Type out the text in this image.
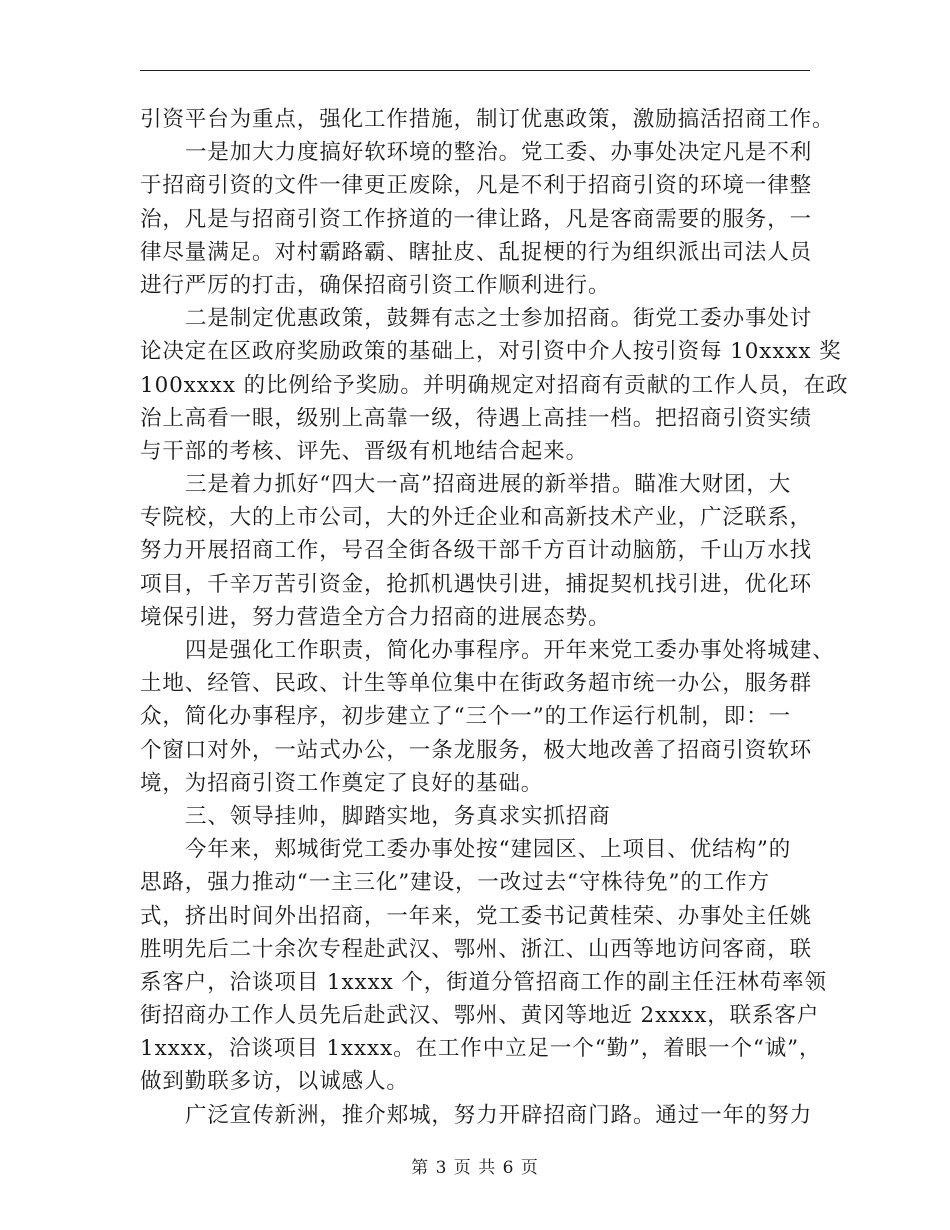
引资平台为重点，强化工作措施，制订优惠政策，激励搞活招商工作。
一是加大力度搞好软环境的整治。党工委、办事处决定凡是不利
于招商引资的文件一律更正废除，凡是不利于招商引资的环境一律整
治，凡是与招商引资工作挤道的一律让路，凡是客商需要的服务，一
律尽量满足。对村霸路霸、瞎扯皮、乱捉梗的行为组织派出司法人员
进行严厉的打击，确保招商引资工作顺利进行。
二是制定优惠政策，鼓舞有志之士参加招商。街党工委办事处讨
论决定在区政府奖励政策的基础上，对引资中介人按引资每 10xxxx 奖
100xxxx 的比例给予奖励。并明确规定对招商有贡献的工作人员，在政
治上高看一眼，级别上高靠一级，待遇上高挂一档。把招商引资实绩
与干部的考核、评先、晋级有机地结合起来。
三是着力抓好“四大一高”招商进展的新举措。瞄准大财团，大
专院校，大的上市公司，大的外迁企业和高新技术产业，广泛联系，
努力开展招商工作，号召全街各级干部千方百计动脑筋，千山万水找
项目，千辛万苦引资金，抢抓机遇快引进，捕捉契机找引进，优化环
境保引进，努力营造全方合力招商的进展态势。
四是强化工作职责，简化办事程序。开年来党工委办事处将城建、
土地、经管、民政、计生等单位集中在街政务超市统一办公，服务群
众，简化办事程序，初步建立了“三个一”的工作运行机制，即：一
个窗口对外，一站式办公，一条龙服务，极大地改善了招商引资软环
境，为招商引资工作奠定了良好的基础。
三、领导挂帅，脚踏实地，务真求实抓招商
今年来，郏城街党工委办事处按“建园区、上项目、优结构”的
思路，强力推动“一主三化”建设，一改过去“守株待免”的工作方
式，挤出时间外出招商，一年来，党工委书记黄桂荣、办事处主任姚
胜明先后二十余次专程赴武汉、鄂州、浙江、山西等地访问客商，联
系客户，洽谈项目 1xxxx 个，街道分管招商工作的副主任汪林苟率领
街招商办工作人员先后赴武汉、鄂州、黄冈等地近 2xxxx，联系客户
1xxxx，洽谈项目 1xxxx。在工作中立足一个“勤”，着眼一个“诚”，
做到勤联多访，以诚感人。
广泛宣传新洲，推介郏城，努力开辟招商门路。通过一年的努力
第 3 页 共 6 页
